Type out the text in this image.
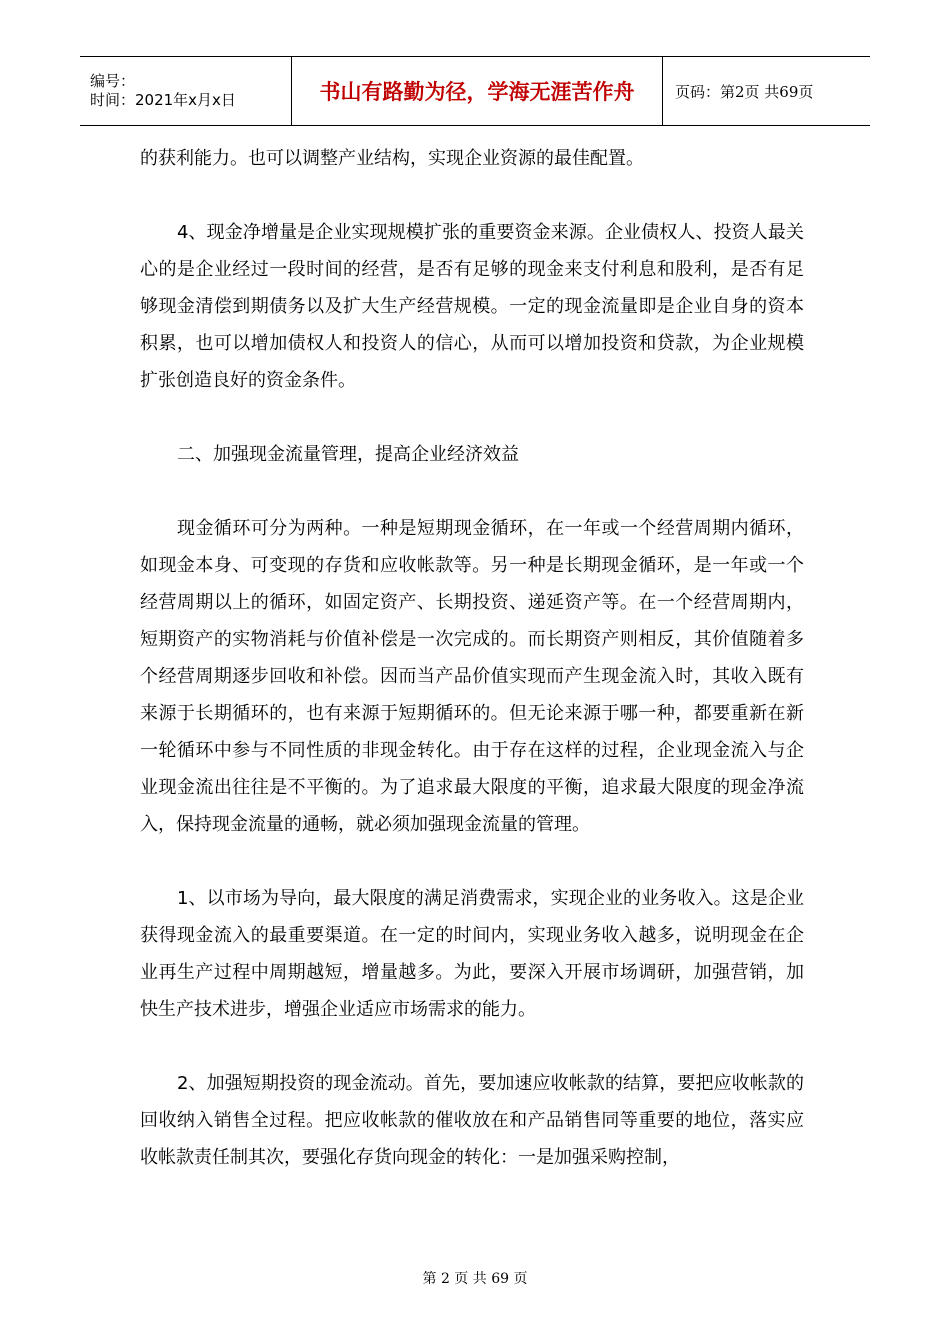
编号：
时间：2021年x月x日	书山有路勤为径，学海无涯苦作舟	页码：第2页 共69页

的获利能力。也可以调整产业结构，实现企业资源的最佳配置。

4、现金净增量是企业实现规模扩张的重要资金来源。企业债权人、投资人最关心的是企业经过一段时间的经营，是否有足够的现金来支付利息和股利，是否有足够现金清偿到期债务以及扩大生产经营规模。一定的现金流量即是企业自身的资本积累，也可以增加债权人和投资人的信心，从而可以增加投资和贷款，为企业规模扩张创造良好的资金条件。

二、加强现金流量管理，提高企业经济效益

现金循环可分为两种。一种是短期现金循环，在一年或一个经营周期内循环，如现金本身、可变现的存货和应收帐款等。另一种是长期现金循环，是一年或一个经营周期以上的循环，如固定资产、长期投资、递延资产等。在一个经营周期内，短期资产的实物消耗与价值补偿是一次完成的。而长期资产则相反，其价值随着多个经营周期逐步回收和补偿。因而当产品价值实现而产生现金流入时，其收入既有来源于长期循环的，也有来源于短期循环的。但无论来源于哪一种，都要重新在新一轮循环中参与不同性质的非现金转化。由于存在这样的过程，企业现金流入与企业现金流出往往是不平衡的。为了追求最大限度的平衡，追求最大限度的现金净流入，保持现金流量的通畅，就必须加强现金流量的管理。

1、以市场为导向，最大限度的满足消费需求，实现企业的业务收入。这是企业获得现金流入的最重要渠道。在一定的时间内，实现业务收入越多，说明现金在企业再生产过程中周期越短，增量越多。为此，要深入开展市场调研，加强营销，加快生产技术进步，增强企业适应市场需求的能力。

2、加强短期投资的现金流动。首先，要加速应收帐款的结算，要把应收帐款的回收纳入销售全过程。把应收帐款的催收放在和产品销售同等重要的地位，落实应收帐款责任制其次，要强化存货向现金的转化：一是加强采购控制，

第 2 页 共 69 页
